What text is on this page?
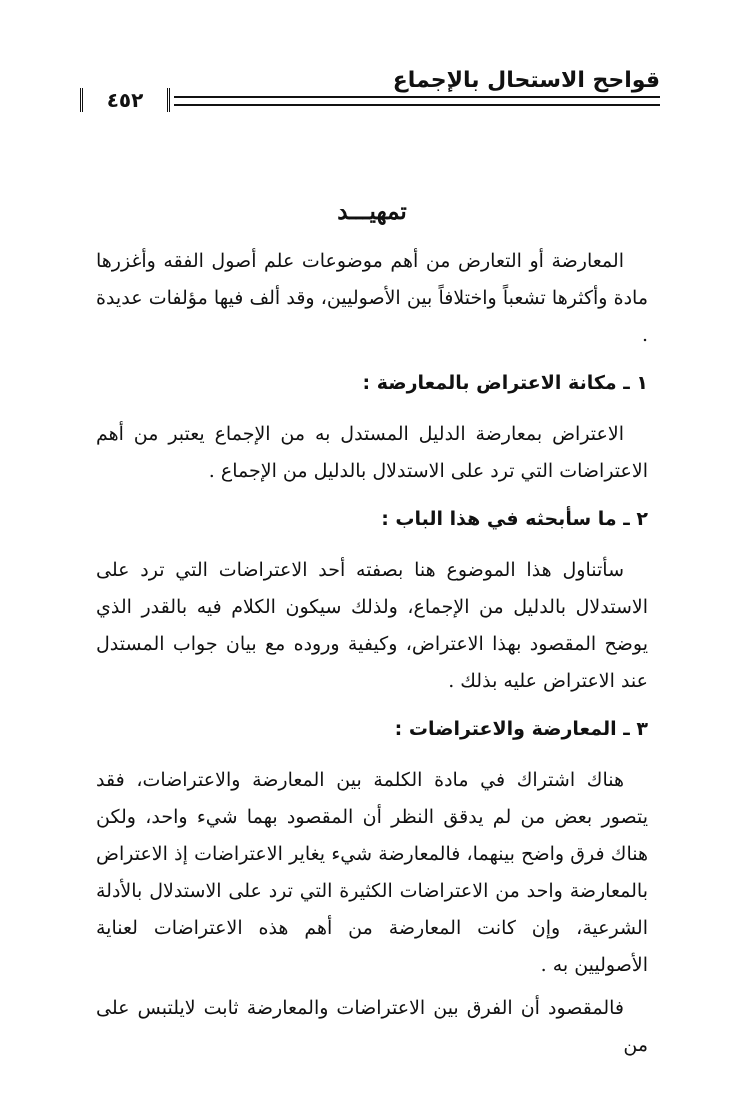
قواحح الاستحال بالإجماع
٤٥٢
تمهيـــد

المعارضة أو التعارض من أهم موضوعات علم أصول الفقه وأغزرها مادة وأكثرها تشعباً واختلافاً بين الأصوليين، وقد ألف فيها مؤلفات عديدة .

١ ـ مكانة الاعتراض بالمعارضة :

الاعتراض بمعارضة الدليل المستدل به من الإجماع يعتبر من أهم الاعتراضات التي ترد على الاستدلال بالدليل من الإجماع .

٢ ـ ما سأبحثه في هذا الباب :

سأتناول هذا الموضوع هنا بصفته أحد الاعتراضات التي ترد على الاستدلال بالدليل من الإجماع، ولذلك سيكون الكلام فيه بالقدر الذي يوضح المقصود بهذا الاعتراض، وكيفية وروده مع بيان جواب المستدل عند الاعتراض عليه بذلك .

٣ ـ المعارضة والاعتراضات :

هناك اشتراك في مادة الكلمة بين المعارضة والاعتراضات، فقد يتصور بعض من لم يدقق النظر أن المقصود بهما شيء واحد، ولكن هناك فرق واضح بينهما، فالمعارضة شيء يغاير الاعتراضات إذ الاعتراض بالمعارضة واحد من الاعتراضات الكثيرة التي ترد على الاستدلال بالأدلة الشرعية، وإن كانت المعارضة من أهم هذه الاعتراضات لعناية الأصوليين به .

فالمقصود أن الفرق بين الاعتراضات والمعارضة ثابت لايلتبس على من
